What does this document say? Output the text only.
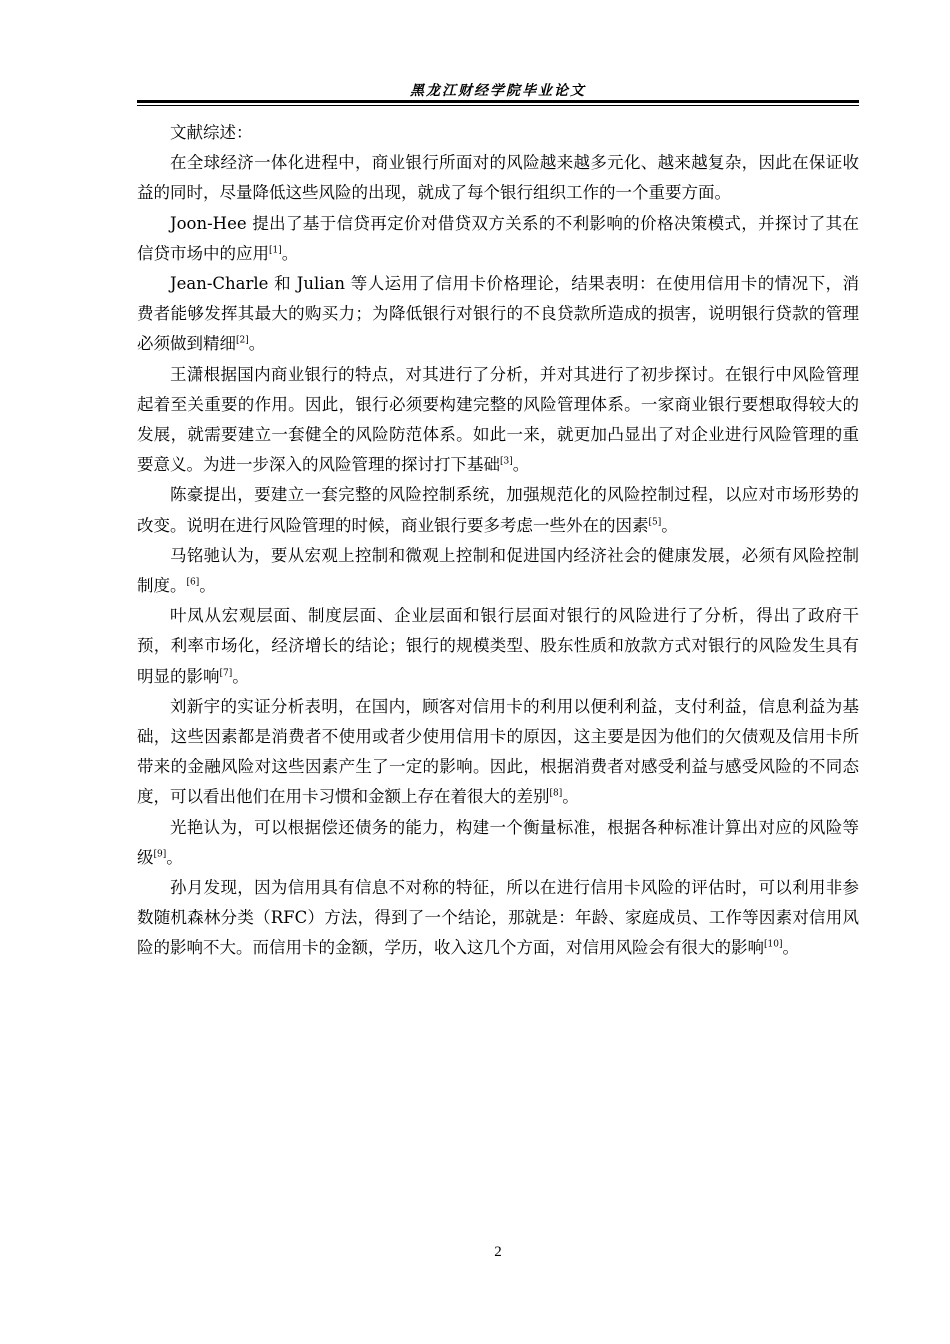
黑龙江财经学院毕业论文

文献综述：

在全球经济一体化进程中，商业银行所面对的风险越来越多元化、越来越复杂，因此在保证收益的同时，尽量降低这些风险的出现，就成了每个银行组织工作的一个重要方面。

Joon-Hee 提出了基于信贷再定价对借贷双方关系的不利影响的价格决策模式，并探讨了其在信贷市场中的应用[1]。

Jean-Charle 和 Julian 等人运用了信用卡价格理论，结果表明：在使用信用卡的情况下，消费者能够发挥其最大的购买力；为降低银行对银行的不良贷款所造成的损害，说明银行贷款的管理必须做到精细[2]。

王潇根据国内商业银行的特点，对其进行了分析，并对其进行了初步探讨。在银行中风险管理起着至关重要的作用。因此，银行必须要构建完整的风险管理体系。一家商业银行要想取得较大的发展，就需要建立一套健全的风险防范体系。如此一来，就更加凸显出了对企业进行风险管理的重要意义。为进一步深入的风险管理的探讨打下基础[3]。

陈豪提出，要建立一套完整的风险控制系统，加强规范化的风险控制过程，以应对市场形势的改变。说明在进行风险管理的时候，商业银行要多考虑一些外在的因素[5]。

马铭驰认为，要从宏观上控制和微观上控制和促进国内经济社会的健康发展，必须有风险控制制度。[6]。

叶凤从宏观层面、制度层面、企业层面和银行层面对银行的风险进行了分析，得出了政府干预，利率市场化，经济增长的结论；银行的规模类型、股东性质和放款方式对银行的风险发生具有明显的影响[7]。

刘新宇的实证分析表明，在国内，顾客对信用卡的利用以便利利益，支付利益，信息利益为基础，这些因素都是消费者不使用或者少使用信用卡的原因，这主要是因为他们的欠债观及信用卡所带来的金融风险对这些因素产生了一定的影响。因此，根据消费者对感受利益与感受风险的不同态度，可以看出他们在用卡习惯和金额上存在着很大的差别[8]。

光艳认为，可以根据偿还债务的能力，构建一个衡量标准，根据各种标准计算出对应的风险等级[9]。

孙月发现，因为信用具有信息不对称的特征，所以在进行信用卡风险的评估时，可以利用非参数随机森林分类（RFC）方法，得到了一个结论，那就是：年龄、家庭成员、工作等因素对信用风险的影响不大。而信用卡的金额，学历，收入这几个方面，对信用风险会有很大的影响[10]。

2
